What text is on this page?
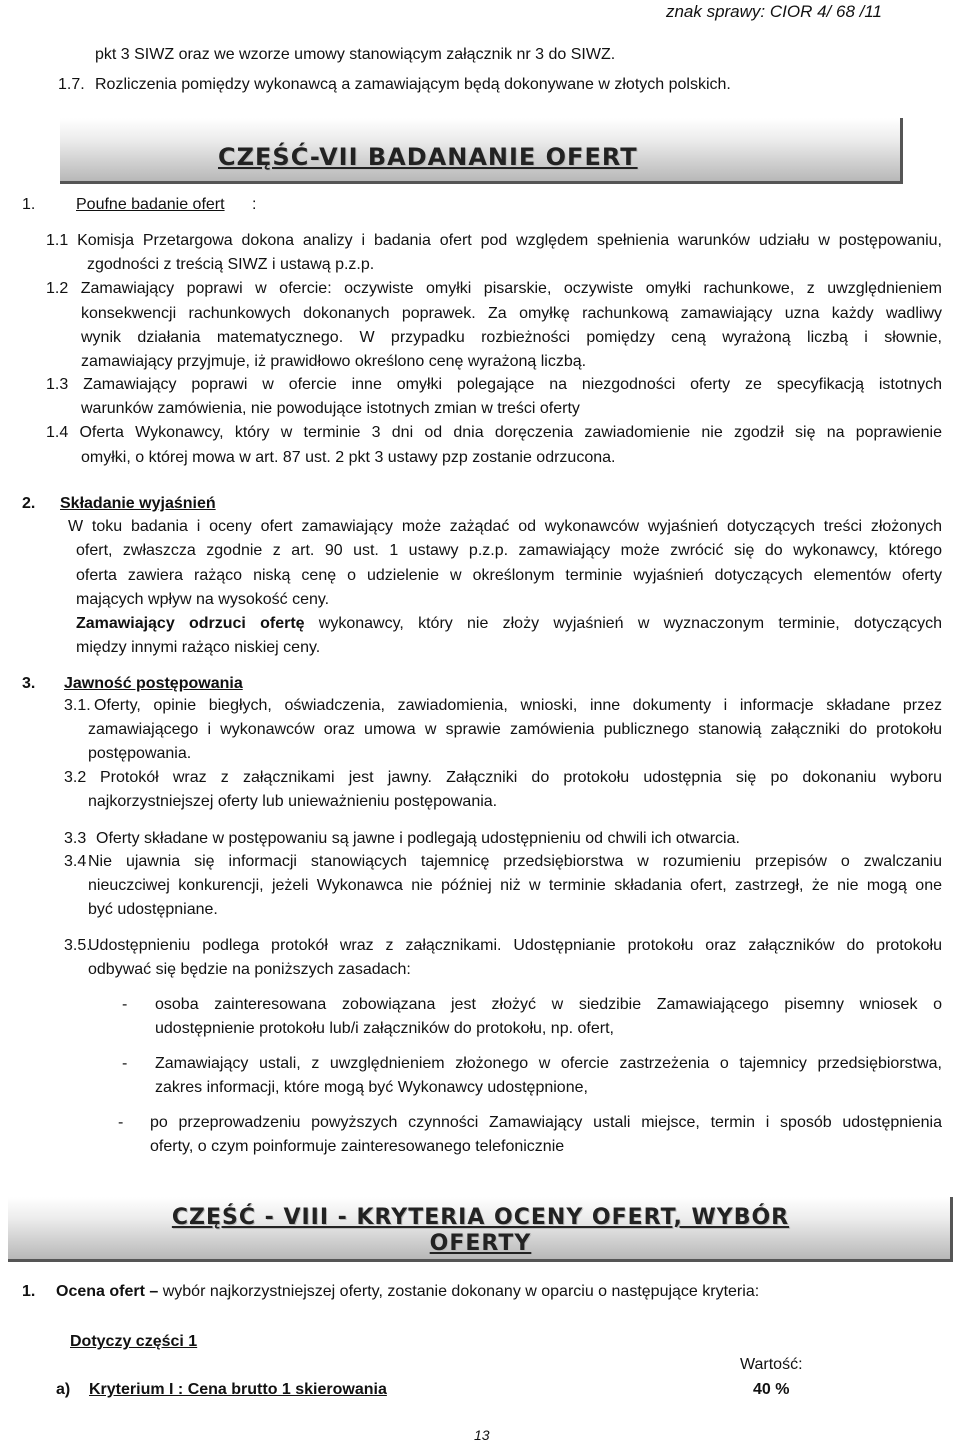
znak sprawy: CIOR 4/ 68 /11
pkt 3 SIWZ oraz we wzorze umowy stanowiącym załącznik nr 3 do SIWZ.
1.7. Rozliczenia pomiędzy wykonawcą a zamawiającym będą dokonywane w złotych polskich.
CZĘŚĆ-VII BADANANIE OFERT
1.	Poufne badanie ofert :
1.1 Komisja Przetargowa dokona analizy i badania ofert pod względem spełnienia warunków udziału w postępowaniu,
zgodności z treścią SIWZ i ustawą p.z.p.
1.2 Zamawiający poprawi w ofercie: oczywiste omyłki pisarskie, oczywiste omyłki rachunkowe, z uwzględnieniem
konsekwencji rachunkowych dokonanych poprawek. Za omyłkę rachunkową zamawiający uzna każdy wadliwy
wynik działania matematycznego. W przypadku rozbieżności pomiędzy ceną wyrażoną liczbą i słownie,
zamawiający przyjmuje, iż prawidłowo określono cenę wyrażoną liczbą.
1.3 Zamawiający poprawi w ofercie inne omyłki polegające na niezgodności oferty ze specyfikacją istotnych
warunków zamówienia, nie powodujące istotnych zmian w treści oferty
1.4 Oferta Wykonawcy, który w terminie 3 dni od dnia doręczenia zawiadomienie nie zgodził się na poprawienie
omyłki, o której mowa w art. 87 ust. 2 pkt 3 ustawy pzp zostanie odrzucona.
2. Składanie wyjaśnień
W toku badania i oceny ofert zamawiający może zażądać od wykonawców wyjaśnień dotyczących treści złożonych
ofert, zwłaszcza zgodnie z art. 90 ust. 1 ustawy p.z.p. zamawiający może zwrócić się do wykonawcy, którego
oferta zawiera rażąco niską cenę o udzielenie w określonym terminie wyjaśnień dotyczących elementów oferty
mających wpływ na wysokość ceny.
Zamawiający odrzuci ofertę wykonawcy, który nie złoży wyjaśnień w wyznaczonym terminie, dotyczących
między innymi rażąco niskiej ceny.
3. Jawność postępowania
3.1. Oferty, opinie biegłych, oświadczenia, zawiadomienia, wnioski, inne dokumenty i informacje składane przez
zamawiającego i wykonawców oraz umowa w sprawie zamówienia publicznego stanowią załączniki do protokołu
postępowania.
3.2 Protokół wraz z załącznikami jest jawny. Załączniki do protokołu udostępnia się po dokonaniu wyboru
najkorzystniejszej oferty lub unieważnieniu postępowania.
3.3 Oferty składane w postępowaniu są jawne i podlegają udostępnieniu od chwili ich otwarcia.
3.4 Nie ujawnia się informacji stanowiących tajemnicę przedsiębiorstwa w rozumieniu przepisów o zwalczaniu
nieuczciwej konkurencji, jeżeli Wykonawca nie później niż w terminie składania ofert, zastrzegł, że nie mogą one
być udostępniane.
3.5.
Udostępnieniu podlega protokół wraz z załącznikami. Udostępnianie protokołu oraz załączników do protokołu
odbywać się będzie na poniższych zasadach:
- osoba zainteresowana zobowiązana jest złożyć w siedzibie Zamawiającego pisemny wniosek o
udostępnienie protokołu lub/i załączników do protokołu, np. ofert,
- Zamawiający ustali, z uwzględnieniem złożonego w ofercie zastrzeżenia o tajemnicy przedsiębiorstwa,
zakres informacji, które mogą być Wykonawcy udostępnione,
- po przeprowadzeniu powyższych czynności Zamawiający ustali miejsce, termin i sposób udostępnienia
oferty, o czym poinformuje zainteresowanego telefonicznie
CZĘŚĆ - VIII - KRYTERIA OCENY OFERT, WYBÓR
OFERTY
1. Ocena ofert – wybór najkorzystniejszej oferty, zostanie dokonany w oparciu o następujące kryteria:
Dotyczy części 1
Wartość:
a) Kryterium I : Cena brutto 1 skierowania	40 %
13
